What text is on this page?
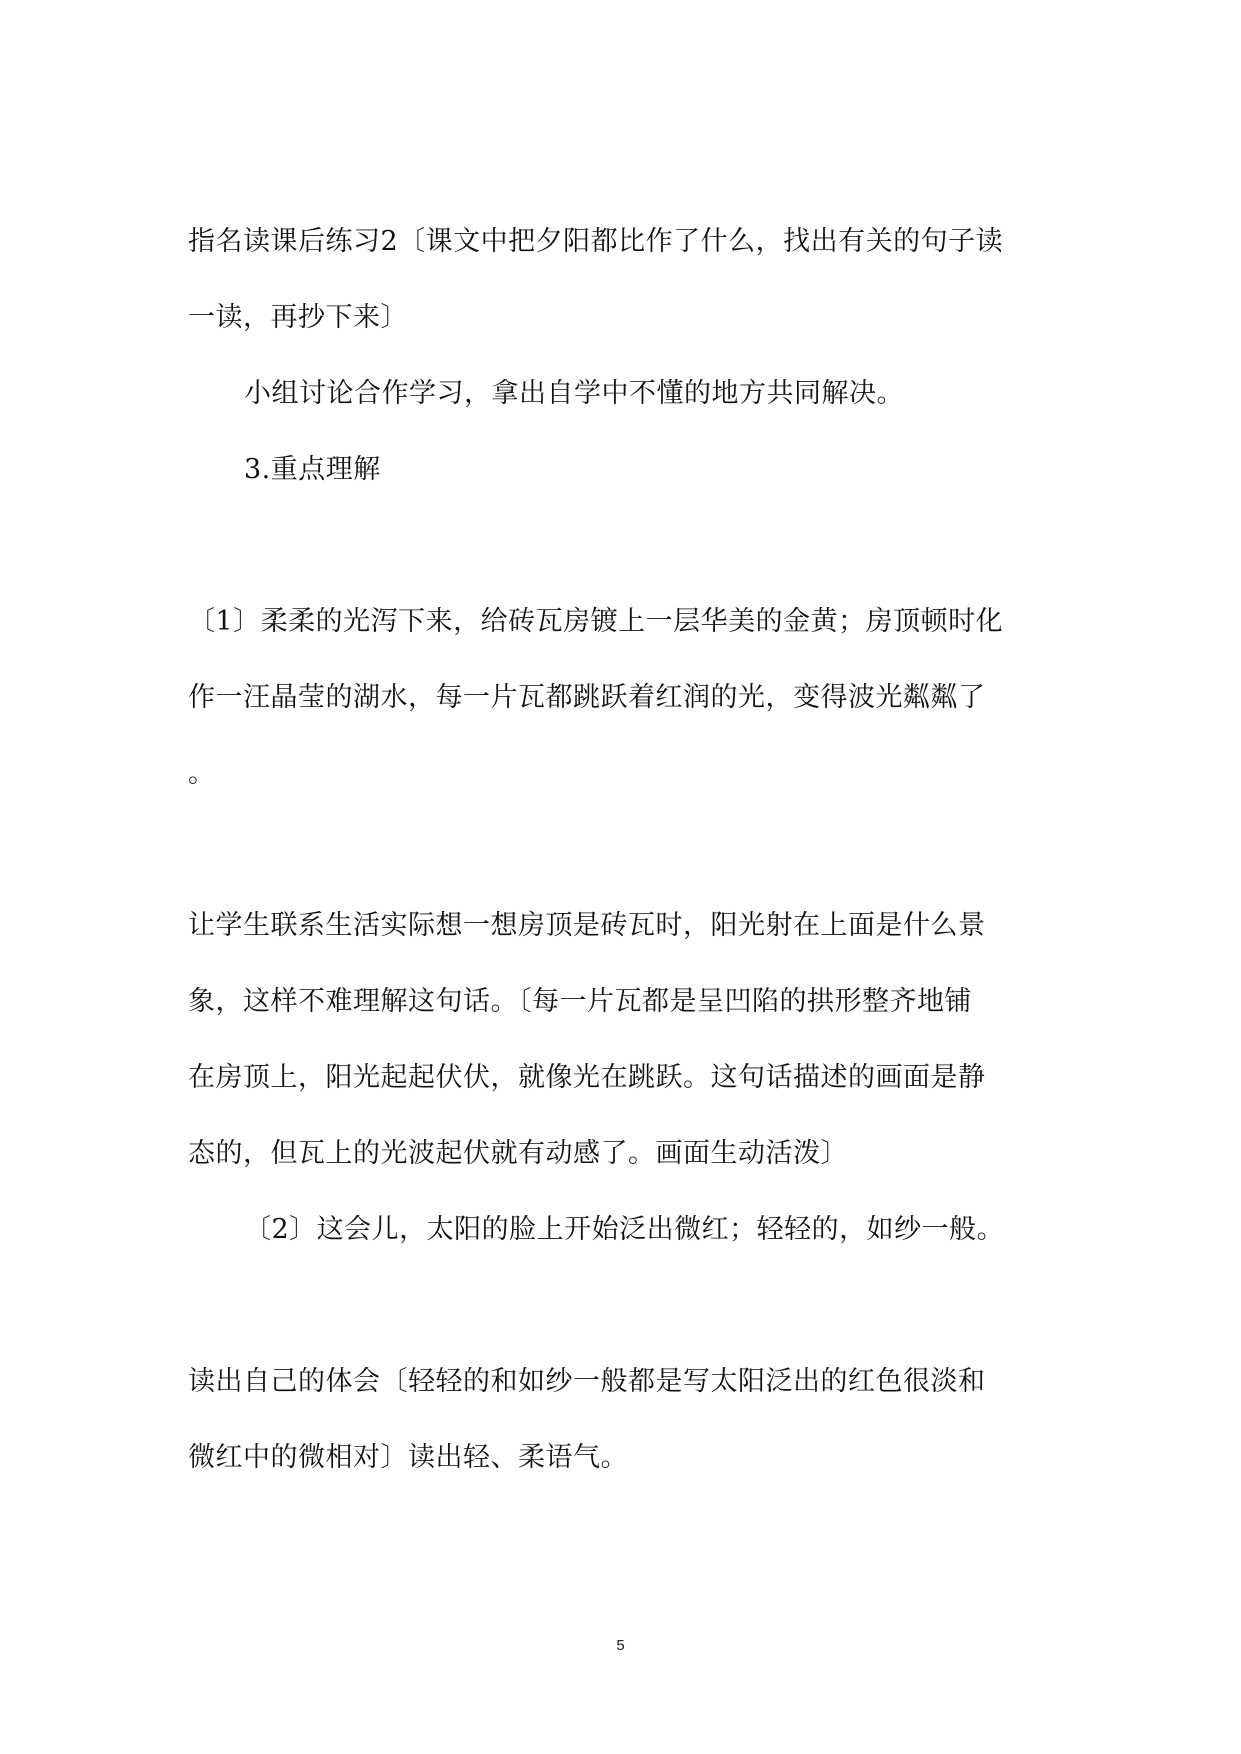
指名读课后练习2〔课文中把夕阳都比作了什么，找出有关的句子读
一读，再抄下来〕
小组讨论合作学习，拿出自学中不懂的地方共同解决。
3.重点理解
〔1〕柔柔的光泻下来，给砖瓦房镀上一层华美的金黄；房顶顿时化
作一汪晶莹的湖水，每一片瓦都跳跃着红润的光，变得波光粼粼了
。
让学生联系生活实际想一想房顶是砖瓦时，阳光射在上面是什么景
象，这样不难理解这句话。〔每一片瓦都是呈凹陷的拱形整齐地铺
在房顶上，阳光起起伏伏，就像光在跳跃。这句话描述的画面是静
态的，但瓦上的光波起伏就有动感了。画面生动活泼〕
〔2〕这会儿，太阳的脸上开始泛出微红；轻轻的，如纱一般。
读出自己的体会〔轻轻的和如纱一般都是写太阳泛出的红色很淡和
微红中的微相对〕读出轻、柔语气。
5
